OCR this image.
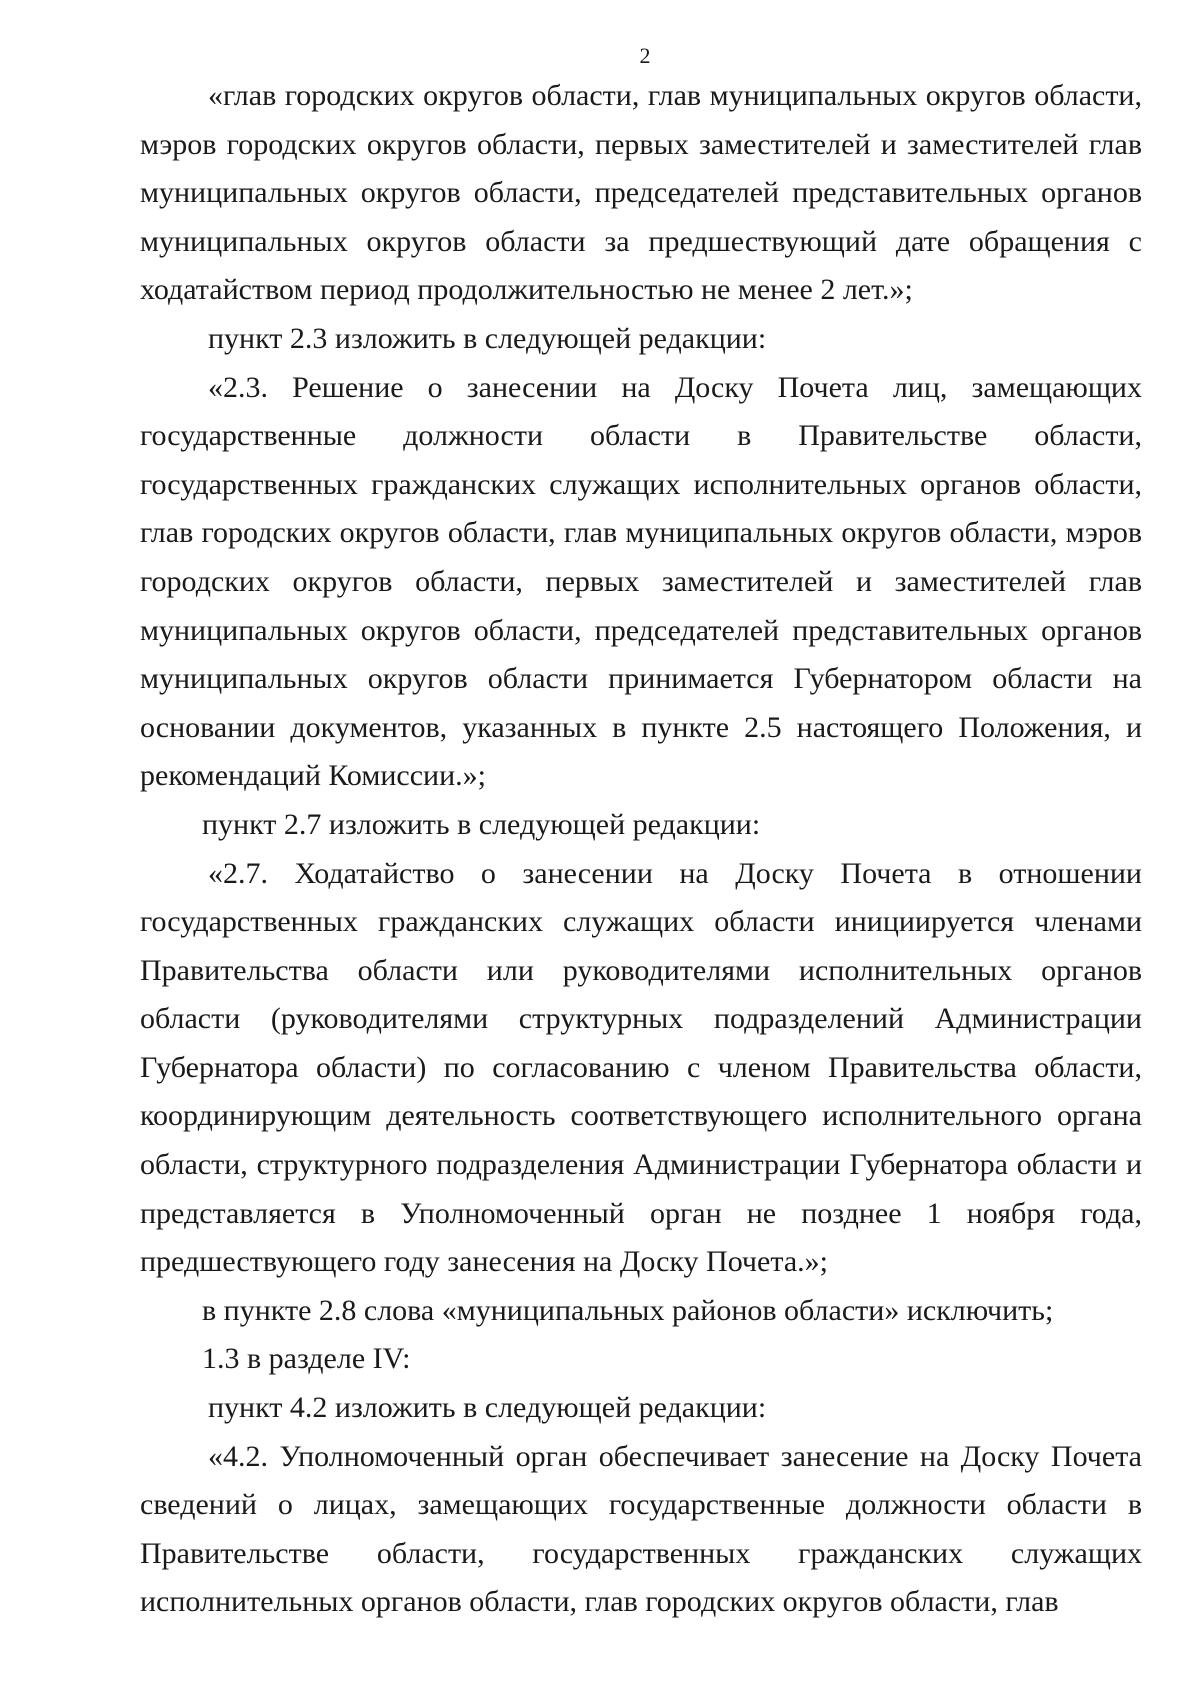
2

«глав городских округов области, глав муниципальных округов области, мэров городских округов области, первых заместителей и заместителей глав муниципальных округов области, председателей представительных органов муниципальных округов области за предшествующий дате обращения с ходатайством период продолжительностью не менее 2 лет.»;

пункт 2.3 изложить в следующей редакции:

«2.3. Решение о занесении на Доску Почета лиц, замещающих государственные должности области в Правительстве области, государственных гражданских служащих исполнительных органов области, глав городских округов области, глав муниципальных округов области, мэров городских округов области, первых заместителей и заместителей глав муниципальных округов области, председателей представительных органов муниципальных округов области принимается Губернатором области на основании документов, указанных в пункте 2.5 настоящего Положения, и рекомендаций Комиссии.»;

пункт 2.7 изложить в следующей редакции:

«2.7. Ходатайство о занесении на Доску Почета в отношении государственных гражданских служащих области инициируется членами Правительства области или руководителями исполнительных органов области (руководителями структурных подразделений Администрации Губернатора области) по согласованию с членом Правительства области, координирующим деятельность соответствующего исполнительного органа области, структурного подразделения Администрации Губернатора области и представляется в Уполномоченный орган не позднее 1 ноября года, предшествующего году занесения на Доску Почета.»;

в пункте 2.8 слова «муниципальных районов области» исключить;

1.3 в разделе IV:

пункт 4.2 изложить в следующей редакции:

«4.2. Уполномоченный орган обеспечивает занесение на Доску Почета сведений о лицах, замещающих государственные должности области в Правительстве области, государственных гражданских служащих исполнительных органов области, глав городских округов области, глав
